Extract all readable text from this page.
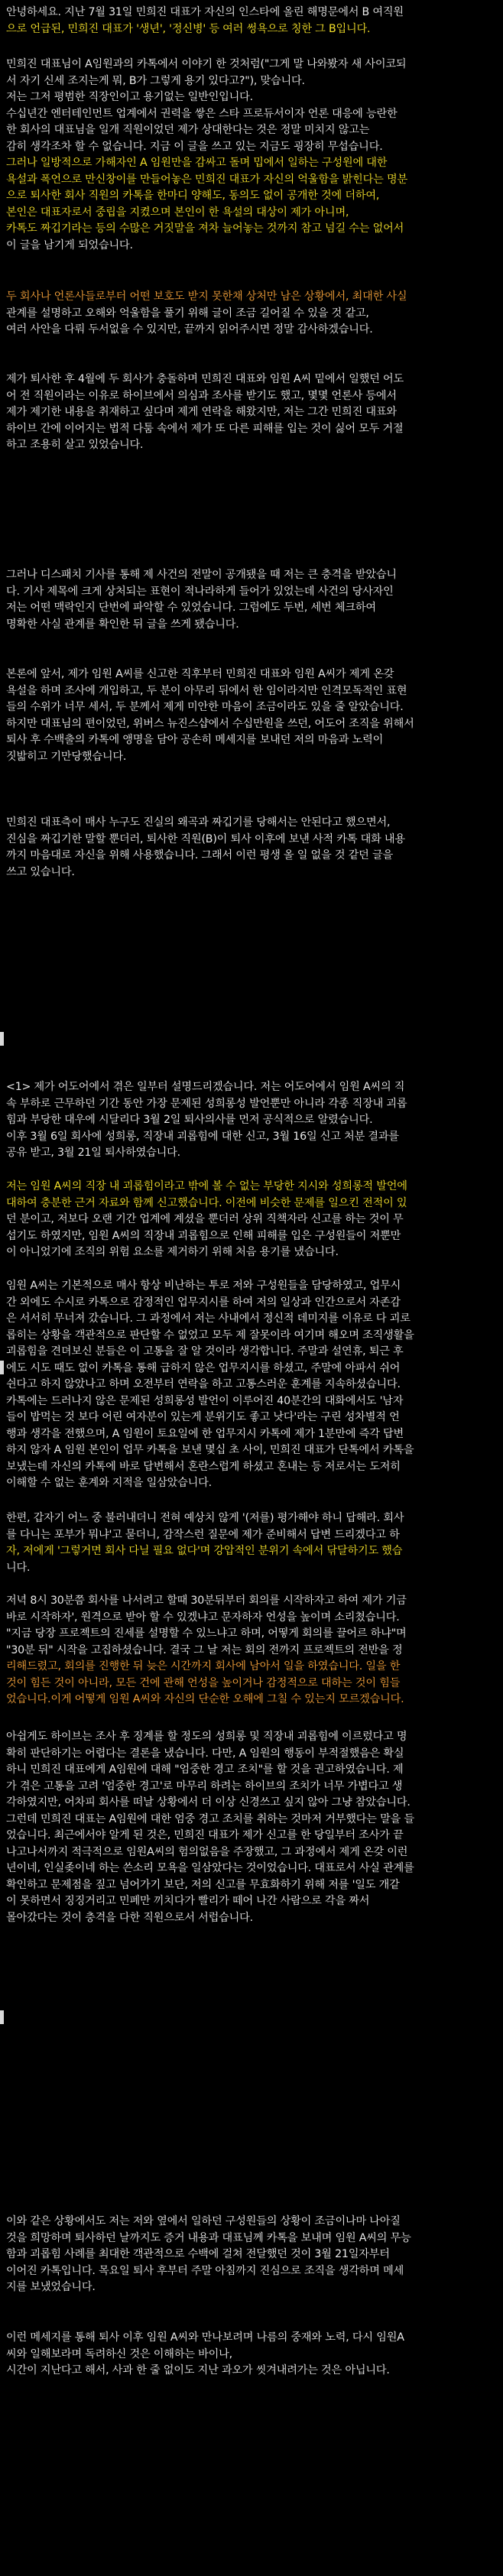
안녕하세요. 지난 7월 31일 민희진 대표가 자신의 인스타에 올린 해명문에서 B 여직원
으로 언급된, 민희진 대표가 '생년', '정신병' 등 여러 썽욕으로 칭한 그 B입니다.
민희진 대표님이 A임원과의 카톡에서 이야기 한 것처럼("그게 말 나와봤자 새 사이코되
서 자기 신세 조지는게 뭐, B가 그렇게 용기 있다고?"), 맞습니다.
저는 그저 평범한 직장인이고 용기없는 일반인입니다.
수십년간 엔터테인먼트 업계에서 권력을 쌓은 스타 프로듀서이자 언론 대응에 능란한
한 회사의 대표님을 일개 직원이었던 제가 상대한다는 것은 정말 미치지 않고는
감히 생각조차 할 수 없습니다. 지금 이 글을 쓰고 있는 지금도 굉장히 무섭습니다.
그러나 일방적으로 가해자인 A 임원만을 감싸고 돌며 밉에서 일하는 구성원에 대한
욕설과 폭언으로 만신창이를 만들어놓은 민희진 대표가 자신의 억울함을 밝힌다는 명분
으로 퇴사한 회사 직원의 카톡을 한마디 양해도, 동의도 없이 공개한 것에 더하여,
본인은 대표자로서 중립을 지켰으며 본인이 한 욕설의 대상이 제가 아니며,
카톡도 짜깁기라는 등의 수많은 거짓말을 져차 늘어놓는 것까지 참고 넘길 수는 없어서
이 글을 남기게 되었습니다.
두 회사나 언론사들로부터 어떤 보호도 받지 못한채 상처만 남은 상황에서, 최대한 사실
관계를 설명하고 오해와 억울함을 풀기 위해 글이 조금 길어질 수 있을 것 같고,
여러 사안을 다뤄 두서없을 수 있지만, 끝까지 읽어주시면 정말 감사하겠습니다.
제가 퇴사한 후 4월에 두 회사가 충돌하며 민희진 대표와 임원 A씨 밑에서 일했던 어도
어 전 직원이라는 이유로 하이브에서 의심과 조사를 받기도 했고, 몇몇 언론사 등에서
제가 제기한 내용을 취재하고 싶다며 제게 연락을 해왔지만, 저는 그간 민희진 대표와
하이브 간에 이어지는 법적 다툼 속에서 제가 또 다른 피해를 입는 것이 싫어 모두 거절
하고 조용히 살고 있었습니다.
그러나 디스패치 기사를 통해 제 사건의 전말이 공개됐을 때 저는 큰 충격을 받았습니
다. 기사 제목에 크게 상처되는 표현이 적나라하게 들어가 있었는데 사건의 당사자인
저는 어떤 맥락인지 단번에 파악할 수 있었습니다. 그럼에도 두번, 세번 체크하여
명확한 사실 관계를 확인한 뒤 글을 쓰게 됐습니다.
본론에 앞서, 제가 임원 A씨를 신고한 직후부터 민희진 대표와 임원 A씨가 제게 온갖
욕설을 하며 조사에 개입하고, 두 분이 아무리 뒤에서 한 임이라지만 인격모독적인 표현
들의 수위가 너무 세서, 두 분께서 제게 미안한 마음이 조금이라도 있을 줄 알았습니다.
하지만 대표님의 편이었던, 위버스 뉴진스샵에서 수십만원을 쓰던, 어도어 조직을 위해서
퇴사 후 수백출의 카톡에 앵명을 담아 공손히 메세지를 보내던 저의 마음과 노력이
짓밟히고 기만당했습니다.
민희진 대표측이 매사 누구도 진실의 왜곡과 짜깁기를 당해서는 안된다고 했으면서,
진심을 짜깁기한 말할 뿐더러, 퇴사한 직원(B)이 퇴사 이후에 보낸 사적 카톡 대화 내용
까지 마음대로 자신을 위해 사용했습니다. 그래서 이런 평생 올 일 없을 것 같던 글을
쓰고 있습니다.
<1> 제가 어도어에서 겪은 일부터 설명드리겠습니다. 저는 어도어에서 임원 A씨의 직
속 부하로 근무하던 기간 동안 가장 문제된 성희롱성 발언뿐만 아니라 각종 직장내 괴롭
힘과 부당한 대우에 시달리다 3월 2일 퇴사의사를 먼저 공식적으로 알렸습니다.
이후 3월 6일 회사에 성희롱, 직장내 괴롭힘에 대한 신고, 3월 16일 신고 처분 결과를
공유 받고, 3월 21일 퇴사하였습니다.
저는 임원 A씨의 직장 내 괴롭힘이라고 밖에 볼 수 없는 부당한 지시와 성희롱적 발언에
대하여 충분한 근거 자료와 함께 신고했습니다. 이전에 비슷한 문제를 일으킨 전적이 있
던 분이고, 저보다 오랜 기간 업계에 계셨을 뿐더러 상위 직책자라 신고를 하는 것이 무
섭기도 하였지만, 임원 A씨의 직장내 괴롭힘으로 인해 피해를 입은 구성원들이 저뿐만
이 아니었기에 조직의 위험 요소를 제거하기 위해 처음 용기를 냈습니다.
임원 A씨는 기본적으로 매사 항상 비난하는 투로 저와 구성원들을 담당하였고, 업무시
간 외에도 수시로 카톡으로 감정적인 업무지시를 하여 저의 일상과 인간으로서 자존감
은 서서히 무너져 갔습니다. 그 과정에서 저는 사내에서 정신적 데미지를 이유로 다 괴로
롭히는 상황을 객관적으로 판단할 수 없었고 모두 제 잘못이라 여기며 해오며 조직생활을
괴롭힘을 견뎌보신 분들은 이 고통을 잘 알 것이라 생각합니다. 주말과 설연휴, 퇴근 후
에도 시도 때도 없이 카톡을 통해 급하지 않은 업무지시를 하셨고, 주말에 아파서 쉬어
쉰다고 하지 않았나고 하며 오전부터 연락을 하고 고통스러운 훈계를 지속하셨습니다.
카톡에는 드러나지 않은 문제된 성희롱성 발언이 이루어진 40분간의 대화에서도 '남자
들이 밥먹는 것 보다 어린 여자분이 있는게 분위기도 좋고 낫다'라는 구린 성차별적 언
행과 생각을 전했으며, A 임원이 토요일에 한 업무지시 카톡에 제가 1분만에 즉각 답변
하지 않자 A 임원 본인이 업무 카톡을 보낸 몇십 초 사이, 민희진 대표가 단톡에서 카톡을
보냈는데 자신의 카톡에 바로 답변해서 혼란스럽게 하셨고 혼내는 등 저로서는 도저히
이해할 수 없는 훈계와 지적을 일삼았습니다.
한편, 갑자기 어느 중 불러내더니 전혀 예상치 않게 '(저를) 평가해야 하니 답해라. 회사
를 다니는 포부가 뭐냐'고 묻더니, 감작스런 질문에 제가 준비해서 답변 드리겠다고 하
자, 저에게 '그렇거면 회사 다닐 필요 없다'며 강압적인 분위기 속에서 닦달하기도 했습
니다.
저녁 8시 30분쯤 회사를 나서려고 할때 30분뒤부터 회의를 시작하자고 하여 제가 기금
바로 시작하자', 원격으로 받아 할 수 있겠냐고 문자하자 언성을 높이며 소리쳤습니다.
"지금 당장 프로젝트의 진세를 설명할 수 있느냐고 하며, 어떻게 회의를 끌어르 하냐"며
"30분 뒤" 시작을 고집하셨습니다. 결국 그 날 저는 회의 전까지 프로젝트의 전반을 정
리해드렸고, 회의를 진행한 뒤 늦은 시간까지 회사에 남아서 일을 하였습니다. 일을 한
것이 힘든 것이 아니라, 모든 건에 관해 언성을 높이거나 감정적으로 대하는 것이 힘들
었습니다.이게 어떻게 임원 A씨와 자신의 단순한 오해에 그칠 수 있는지 모르겠습니다.
아쉽게도 하이브는 조사 후 징계를 할 정도의 성희롱 및 직장내 괴롭힘에 이르렀다고 명
확히 판단하기는 어렵다는 결론을 냈습니다. 다만, A 임원의 행동이 부적절했음은 확실
하니 민희진 대표에게 A임원에 대해 "엄중한 경고 조치"를 할 것을 권고하였습니다. 제
가 겪은 고통을 고려 '엄중한 경고'로 마무리 하려는 하이브의 조치가 너무 가볍다고 생
각하였지만, 어차피 회사를 떠날 상황에서 더 이상 신경쓰고 싶지 않아 그냥 참았습니다.
그런데 민희진 대표는 A임원에 대한 엄중 경고 조치를 취하는 것마저 거부했다는 말을 들
었습니다. 최근에서야 알게 된 것은, 민희진 대표가 제가 신고를 한 당일부터 조사가 끝
나고나서까지 적극적으로 임원A씨의 험의없음을 주장했고, 그 과정에서 제게 온갖 이런
년이네, 인실좆이네 하는 쓴소리 모욕을 일삼았다는 것이었습니다. 대표로서 사실 관계를
확인하고 문제점을 짚고 넘어가기 보단, 저의 신고를 무효화하기 위해 저를 '일도 개같
이 못하면서 징징거리고 민폐만 끼치다가 빨리가 떼어 나간 사람으로 각을 짜서
몰아갔다는 것이 충격을 다한 직원으로서 서럽습니다.
이와 같은 상황에서도 저는 저와 옆에서 일하던 구성원들의 상황이 조금이나마 나아질
것을 희망하며 퇴사하던 날까지도 증거 내용과 대표님께 카톡을 보내며 임원 A씨의 무능
함과 괴롭힘 사례를 최대한 객관적으로 수백에 걸쳐 전달했던 것이 3월 21일자부터
이어진 카톡입니다. 목요일 퇴사 후부터 주말 아침까지 진심으로 조직을 생각하며 메세
지를 보냈었습니다.
이런 메세지를 통해 퇴사 이후 임원 A씨와 만나보려며 나름의 중재와 노력, 다시 임원A
씨와 일해보라며 독려하신 것은 이해하는 바이나,
시간이 지난다고 해서, 사과 한 줄 없이도 지난 과오가 씻겨내려가는 것은 아닙니다.
